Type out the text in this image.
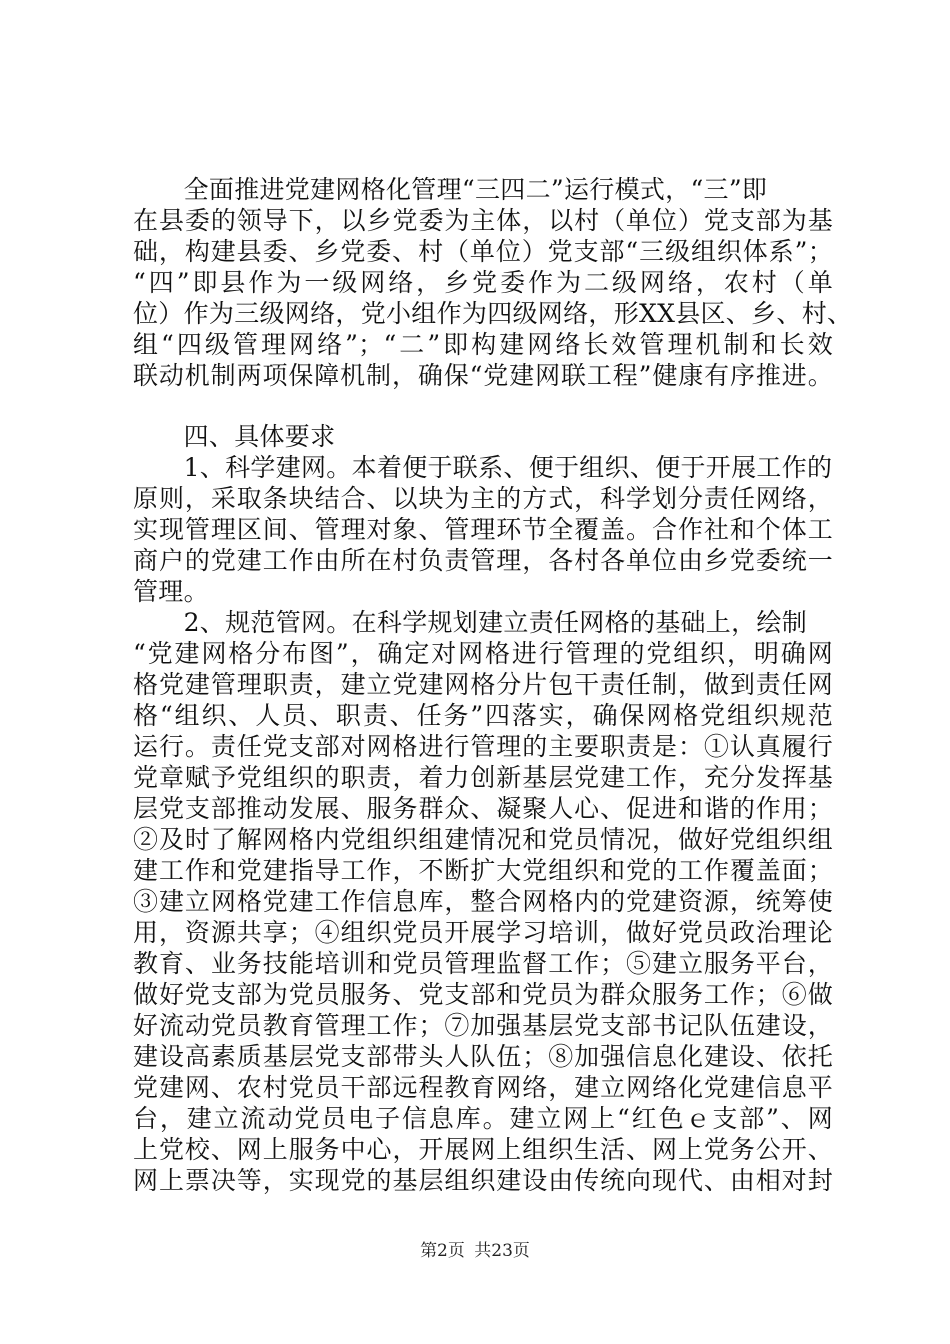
　　全面推进党建网格化管理“三四二”运行模式，“三”即
在县委的领导下，以乡党委为主体，以村（单位）党支部为基
础，构建县委、乡党委、村（单位）党支部“三级组织体系”；
“四”即县作为一级网络，乡党委作为二级网络，农村（单
位）作为三级网络，党小组作为四级网络，形XX县区、乡、村、
组“四级管理网络”；“二”即构建网络长效管理机制和长效
联动机制两项保障机制，确保“党建网联工程”健康有序推进。
　　四、具体要求
　　1、科学建网。本着便于联系、便于组织、便于开展工作的
原则，采取条块结合、以块为主的方式，科学划分责任网络，
实现管理区间、管理对象、管理环节全覆盖。合作社和个体工
商户的党建工作由所在村负责管理，各村各单位由乡党委统一
管理。
　　2、规范管网。在科学规划建立责任网格的基础上，绘制
“党建网格分布图”，确定对网格进行管理的党组织，明确网
格党建管理职责，建立党建网格分片包干责任制，做到责任网
格“组织、人员、职责、任务”四落实，确保网格党组织规范
运行。责任党支部对网格进行管理的主要职责是：①认真履行
党章赋予党组织的职责，着力创新基层党建工作，充分发挥基
层党支部推动发展、服务群众、凝聚人心、促进和谐的作用；
②及时了解网格内党组织组建情况和党员情况，做好党组织组
建工作和党建指导工作，不断扩大党组织和党的工作覆盖面；
③建立网格党建工作信息库，整合网格内的党建资源，统筹使
用，资源共享；④组织党员开展学习培训，做好党员政治理论
教育、业务技能培训和党员管理监督工作；⑤建立服务平台，
做好党支部为党员服务、党支部和党员为群众服务工作；⑥做
好流动党员教育管理工作；⑦加强基层党支部书记队伍建设，
建设高素质基层党支部带头人队伍；⑧加强信息化建设、依托
党建网、农村党员干部远程教育网络，建立网络化党建信息平
台，建立流动党员电子信息库。建立网上“红色ｅ支部”、网
上党校、网上服务中心，开展网上组织生活、网上党务公开、
网上票决等，实现党的基层组织建设由传统向现代、由相对封
第2页 共23页
